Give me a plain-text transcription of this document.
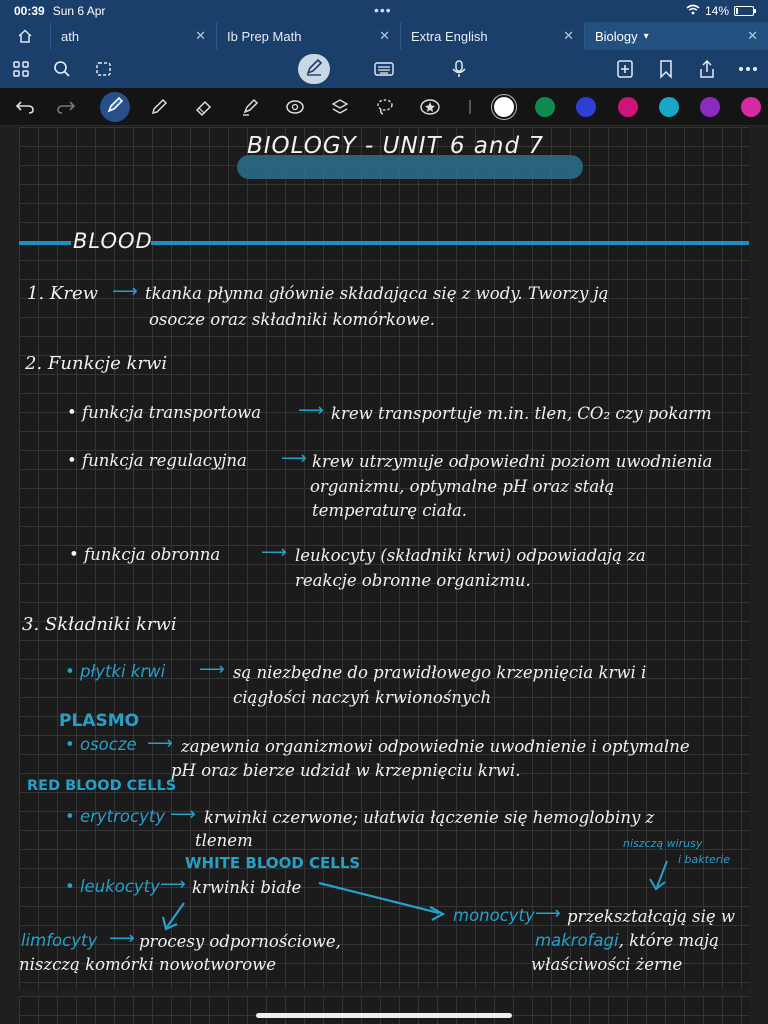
00:39 Sun 6 Apr	•••	14%
ath	✕ Ib Prep Math	✕ Extra English	✕ Biology ▾	✕
BIOLOGY - UNIT 6 and 7
BLOOD
1. Krew ⟶ tkanka płynna głównie składająca się z wody. Tworzy ją
osocze oraz składniki komórkowe.
2. Funkcje krwi
• funkcja transportowa ⟶ krew transportuje m.in. tlen, CO₂ czy pokarm
• funkcja regulacyjna ⟶ krew utrzymuje odpowiedni poziom uwodnienia
organizmu, optymalne pH oraz stałą
temperaturę ciała.
• funkcja obronna ⟶ leukocyty (składniki krwi) odpowiadają za
reakcje obronne organizmu.
3. Składniki krwi
• płytki krwi ⟶ są niezbędne do prawidłowego krzepnięcia krwi i
ciągłości naczyń krwionośnych
PLASMO
• osocze ⟶ zapewnia organizmowi odpowiednie uwodnienie i optymalne
pH oraz bierze udział w krzepnięciu krwi.
RED BLOOD CELLS
• erytrocyty ⟶ krwinki czerwone; ułatwia łączenie się hemoglobiny z
tlenem
WHITE BLOOD CELLS
niszczą wirusy
i bakterie
• leukocyty ⟶ krwinki białe
monocyty ⟶ przekształcają się w
makrofagi, które mają
właściwości żerne
limfocyty ⟶ procesy odpornościowe,
niszczą komórki nowotworowe
